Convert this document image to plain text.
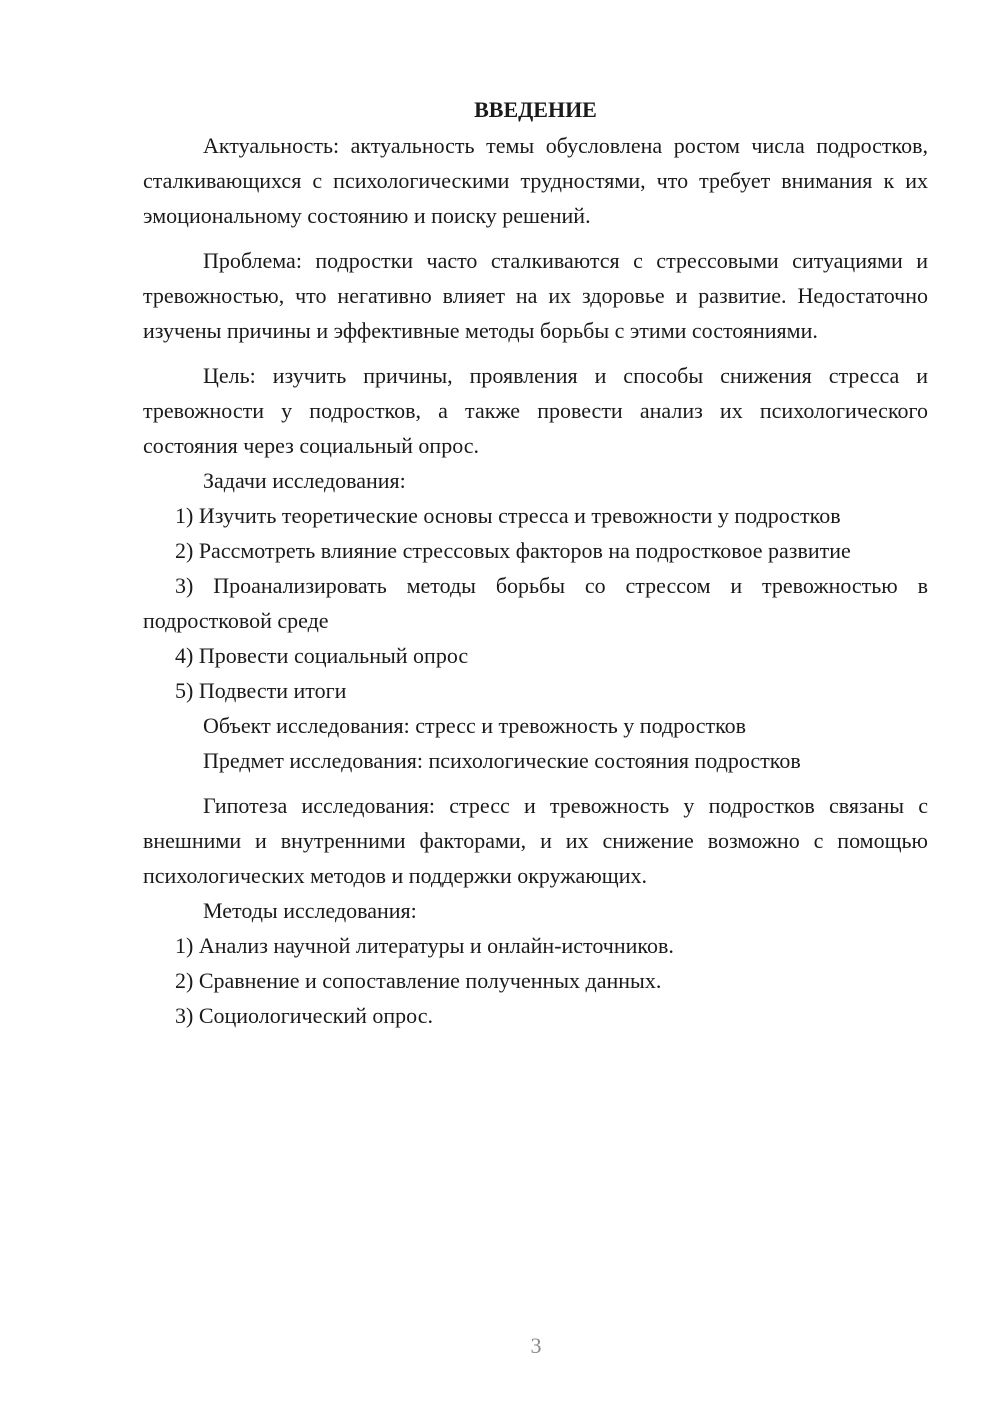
ВВЕДЕНИЕ

Актуальность: актуальность темы обусловлена ростом числа подростков, сталкивающихся с психологическими трудностями, что требует внимания к их эмоциональному состоянию и поиску решений.

Проблема: подростки часто сталкиваются с стрессовыми ситуациями и тревожностью, что негативно влияет на их здоровье и развитие. Недостаточно изучены причины и эффективные методы борьбы с этими состояниями.

Цель: изучить причины, проявления и способы снижения стресса и тревожности у подростков, а также провести анализ их психологического состояния через социальный опрос.

Задачи исследования:

1) Изучить теоретические основы стресса и тревожности у подростков

2) Рассмотреть влияние стрессовых факторов на подростковое развитие

3) Проанализировать методы борьбы со стрессом и тревожностью в подростковой среде

4) Провести социальный опрос

5) Подвести итоги

Объект исследования: стресс и тревожность у подростков

Предмет исследования: психологические состояния подростков

Гипотеза исследования: стресс и тревожность у подростков связаны с внешними и внутренними факторами, и их снижение возможно с помощью психологических методов и поддержки окружающих.

Методы исследования:

1) Анализ научной литературы и онлайн-источников.

2) Сравнение и сопоставление полученных данных.

3) Социологический опрос.

3
